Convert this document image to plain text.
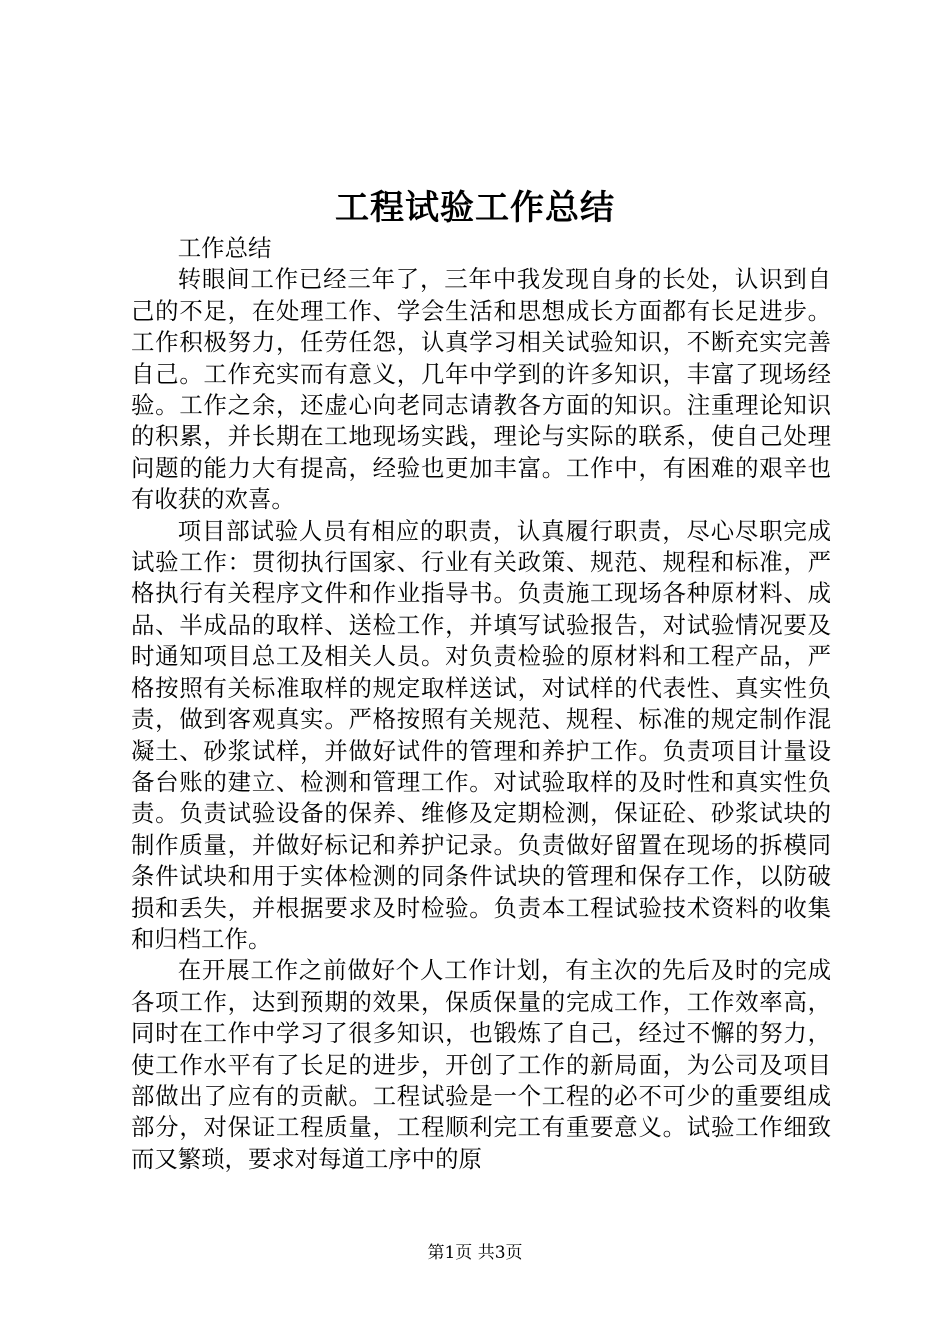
工程试验工作总结

工作总结

转眼间工作已经三年了，三年中我发现自身的长处，认识到自己的不足，在处理工作、学会生活和思想成长方面都有长足进步。工作积极努力，任劳任怨，认真学习相关试验知识，不断充实完善自己。工作充实而有意义，几年中学到的许多知识，丰富了现场经验。工作之余，还虚心向老同志请教各方面的知识。注重理论知识的积累，并长期在工地现场实践，理论与实际的联系，使自己处理问题的能力大有提高，经验也更加丰富。工作中，有困难的艰辛也有收获的欢喜。

项目部试验人员有相应的职责，认真履行职责，尽心尽职完成试验工作：贯彻执行国家、行业有关政策、规范、规程和标准，严格执行有关程序文件和作业指导书。负责施工现场各种原材料、成品、半成品的取样、送检工作，并填写试验报告，对试验情况要及时通知项目总工及相关人员。对负责检验的原材料和工程产品，严格按照有关标准取样的规定取样送试，对试样的代表性、真实性负责，做到客观真实。严格按照有关规范、规程、标准的规定制作混凝土、砂浆试样，并做好试件的管理和养护工作。负责项目计量设备台账的建立、检测和管理工作。对试验取样的及时性和真实性负责。负责试验设备的保养、维修及定期检测，保证砼、砂浆试块的制作质量，并做好标记和养护记录。负责做好留置在现场的拆模同条件试块和用于实体检测的同条件试块的管理和保存工作，以防破损和丢失，并根据要求及时检验。负责本工程试验技术资料的收集和归档工作。

在开展工作之前做好个人工作计划，有主次的先后及时的完成各项工作，达到预期的效果，保质保量的完成工作，工作效率高，同时在工作中学习了很多知识，也锻炼了自己，经过不懈的努力，使工作水平有了长足的进步，开创了工作的新局面，为公司及项目部做出了应有的贡献。工程试验是一个工程的必不可少的重要组成部分，对保证工程质量，工程顺利完工有重要意义。试验工作细致而又繁琐，要求对每道工序中的原

第1页 共3页
